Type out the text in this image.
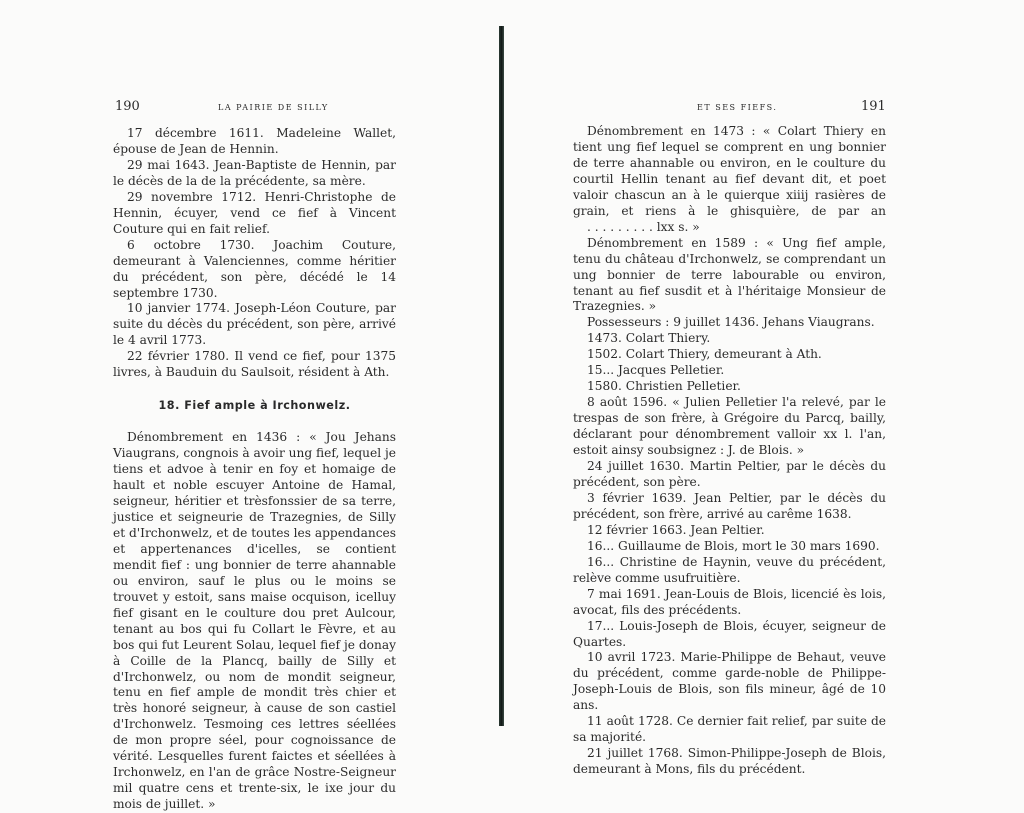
190	LA PAIRIE DE SILLY

17 décembre 1611. Madeleine Wallet, épouse de Jean de Hennin.

29 mai 1643. Jean-Baptiste de Hennin, par le décès de la de la précédente, sa mère.

29 novembre 1712. Henri-Christophe de Hennin, écuyer, vend ce fief à Vincent Couture qui en fait relief.

6 octobre 1730. Joachim Couture, demeurant à Valenciennes, comme héritier du précédent, son père, décédé le 14 septembre 1730.

10 janvier 1774. Joseph-Léon Couture, par suite du décès du précédent, son père, arrivé le 4 avril 1773.

22 février 1780. Il vend ce fief, pour 1375 livres, à Bauduin du Saulsoit, résident à Ath.

18. Fief ample à Irchonwelz.

Dénombrement en 1436 : « Jou Jehans Viaugrans, congnois à avoir ung fief, lequel je tiens et advoe à tenir en foy et homaige de hault et noble escuyer Antoine de Hamal, seigneur, héritier et trèsfonssier de sa terre, justice et seigneurie de Trazegnies, de Silly et d'Irchonwelz, et de toutes les appendances et appertenances d'icelles, se contient mendit fief : ung bonnier de terre ahannable ou environ, sauf le plus ou le moins se trouvet y estoit, sans maise ocquison, icelluy fief gisant en le coulture dou pret Aulcour, tenant au bos qui fu Collart le Fèvre, et au bos qui fut Leurent Solau, lequel fief je donay à Coille de la Plancq, bailly de Silly et d'Irchonwelz, ou nom de mondit seigneur, tenu en fief ample de mondit très chier et très honoré seigneur, à cause de son castiel d'Irchonwelz. Tesmoing ces lettres séellées de mon propre séel, pour cognoissance de vérité. Lesquelles furent faictes et séellées à Irchonwelz, en l'an de grâce Nostre-Seigneur mil quatre cens et trente-six, le ixe jour du mois de juillet. »

ET SES FIEFS.	191

Dénombrement en 1473 : « Colart Thiery en tient ung fief lequel se comprent en ung bonnier de terre ahannable ou environ, en le coulture du courtil Hellin tenant au fief devant dit, et poet valoir chascun an à le quierque xiiij rasières de grain, et riens à le ghisquière, de par an. . . . . . . . . lxx s. »

Dénombrement en 1589 : « Ung fief ample, tenu du château d'Irchonwelz, se comprendant un ung bonnier de terre labourable ou environ, tenant au fief susdit et à l'héritaige Monsieur de Trazegnies. »

Possesseurs : 9 juillet 1436. Jehans Viaugrans.

1473. Colart Thiery.

1502. Colart Thiery, demeurant à Ath.

15... Jacques Pelletier.

1580. Christien Pelletier.

8 août 1596. « Julien Pelletier l'a relevé, par le trespas de son frère, à Grégoire du Parcq, bailly, déclarant pour dénombrement valloir xx l. l'an, estoit ainsy soubsignez : J. de Blois. »

24 juillet 1630. Martin Peltier, par le décès du précédent, son père.

3 février 1639. Jean Peltier, par le décès du précédent, son frère, arrivé au carême 1638.

12 février 1663. Jean Peltier.

16... Guillaume de Blois, mort le 30 mars 1690.

16... Christine de Haynin, veuve du précédent, relève comme usufruitière.

7 mai 1691. Jean-Louis de Blois, licencié ès lois, avocat, fils des précédents.

17... Louis-Joseph de Blois, écuyer, seigneur de Quartes.

10 avril 1723. Marie-Philippe de Behaut, veuve du précédent, comme garde-noble de Philippe-Joseph-Louis de Blois, son fils mineur, âgé de 10 ans.

11 août 1728. Ce dernier fait relief, par suite de sa majorité.

21 juillet 1768. Simon-Philippe-Joseph de Blois, demeurant à Mons, fils du précédent.
